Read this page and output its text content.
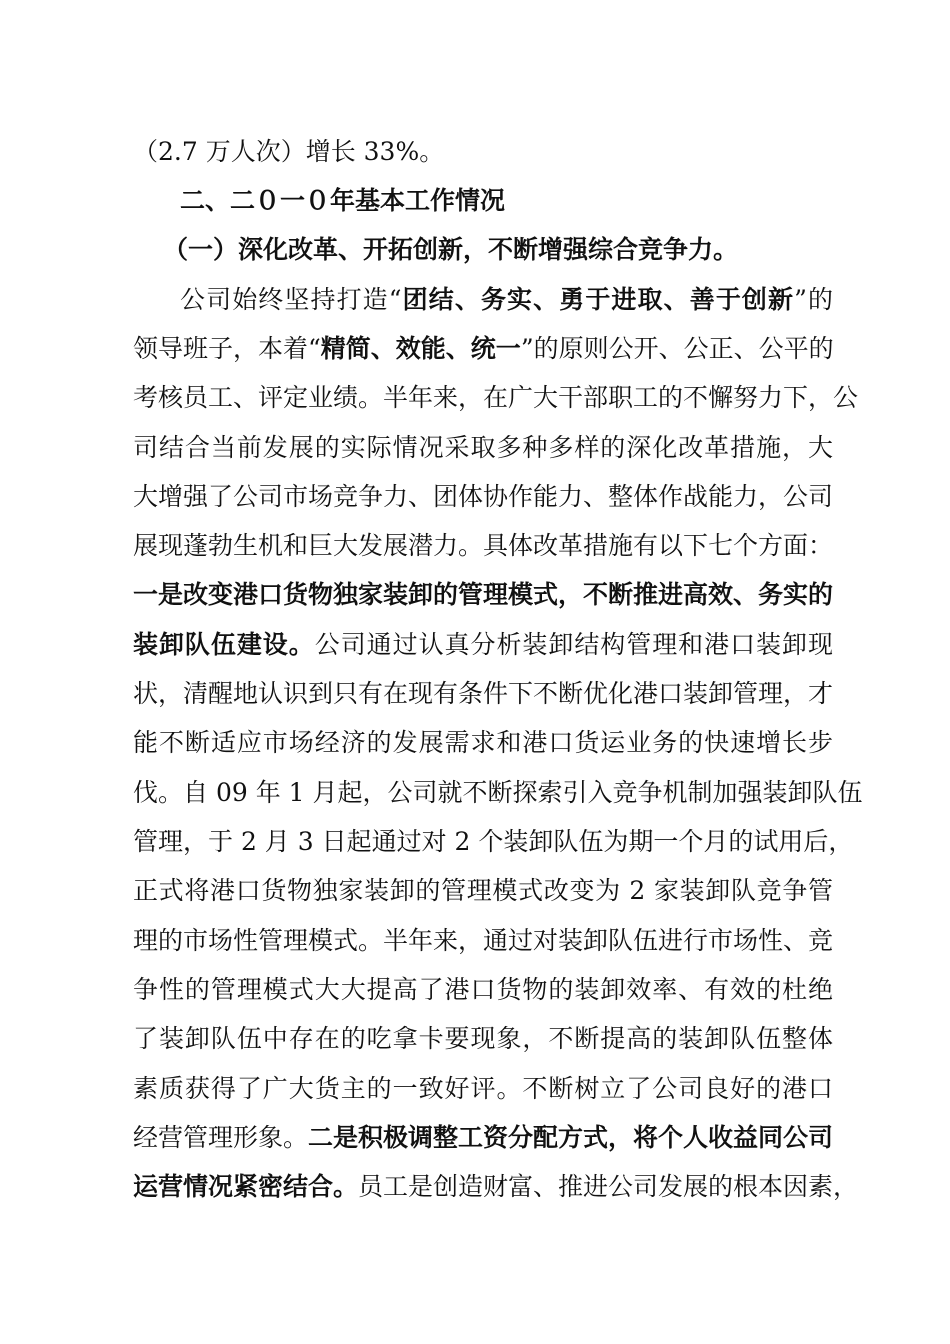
（2.7 万人次）增长 33%。
二、二０一０年基本工作情况
（一）深化改革、开拓创新，不断增强综合竞争力。
公司始终坚持打造“团结、务实、勇于进取、善于创新”的
领导班子，本着“精简、效能、统一”的原则公开、公正、公平的
考核员工、评定业绩。半年来，在广大干部职工的不懈努力下，公
司结合当前发展的实际情况采取多种多样的深化改革措施，大
大增强了公司市场竞争力、团体协作能力、整体作战能力，公司
展现蓬勃生机和巨大发展潜力。具体改革措施有以下七个方面：
一是改变港口货物独家装卸的管理模式，不断推进高效、务实的
装卸队伍建设。公司通过认真分析装卸结构管理和港口装卸现
状，清醒地认识到只有在现有条件下不断优化港口装卸管理，才
能不断适应市场经济的发展需求和港口货运业务的快速增长步
伐。自 09 年 1 月起，公司就不断探索引入竞争机制加强装卸队伍
管理，于 2 月 3 日起通过对 2 个装卸队伍为期一个月的试用后，
正式将港口货物独家装卸的管理模式改变为 2 家装卸队竞争管
理的市场性管理模式。半年来，通过对装卸队伍进行市场性、竞
争性的管理模式大大提高了港口货物的装卸效率、有效的杜绝
了装卸队伍中存在的吃拿卡要现象，不断提高的装卸队伍整体
素质获得了广大货主的一致好评。不断树立了公司良好的港口
经营管理形象。二是积极调整工资分配方式，将个人收益同公司
运营情况紧密结合。员工是创造财富、推进公司发展的根本因素，
